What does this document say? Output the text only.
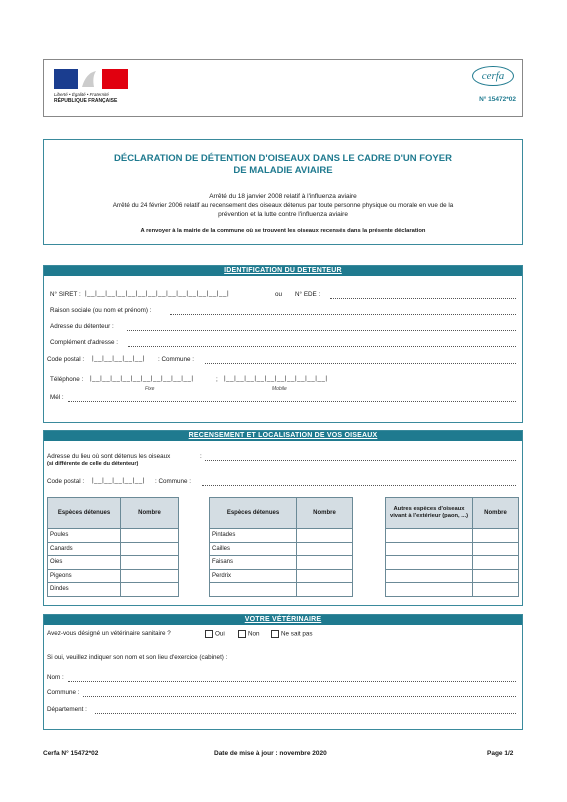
Liberté • Égalité • Fraternité
RÉPUBLIQUE FRANÇAISE
cerfa
N° 15472*02
DÉCLARATION DE DÉTENTION D'OISEAUX DANS LE CADRE D'UN FOYER
DE MALADIE AVIAIRE
Arrêté du 18 janvier 2008 relatif à l'influenza aviaire
Arrêté du 24 février 2006 relatif au recensement des oiseaux détenus par toute personne physique ou morale en vue de la
prévention et la lutte contre l'influenza aviaire
A renvoyer à la mairie de la commune où se trouvent les oiseaux recensés dans la présente déclaration
IDENTIFICATION DU DETENTEUR
N° SIRET : |__|__|__|__|__|__|__|__|__|__|__|__|__|__|	ou N° EDE :
Raison sociale (ou nom et prénom) :
Adresse du détenteur :
Complément d'adresse :
Code postal : |__|__|__|__|__| : Commune :
Téléphone : |__|__|__|__|__|__|__|__|__|__|	; |__|__|__|__|__|__|__|__|__|__|
Fixe	Mobile
Mél :
RECENSEMENT ET LOCALISATION DE VOS OISEAUX
Adresse du lieu où sont détenus les oiseaux	:
(si différente de celle du détenteur)
Code postal : |__|__|__|__|__| : Commune :
Espèces détenues	Nombre
Poules	
Canards	
Oies	
Pigeons	
Dindes	
Espèces détenues	Nombre
Pintades	
Cailles	
Faisans	
Perdrix	

Autres espèces d'oiseaux vivant à l'extérieur (paon, ...)	Nombre

VOTRE VÉTÉRINAIRE
Avez-vous désigné un vétérinaire sanitaire ?	Oui	Non	Ne sait pas
Si oui, veuillez indiquer son nom et son lieu d'exercice (cabinet) :
Nom :
Commune :
Département :
Cerfa N° 15472*02	Date de mise à jour : novembre 2020	Page 1/2
